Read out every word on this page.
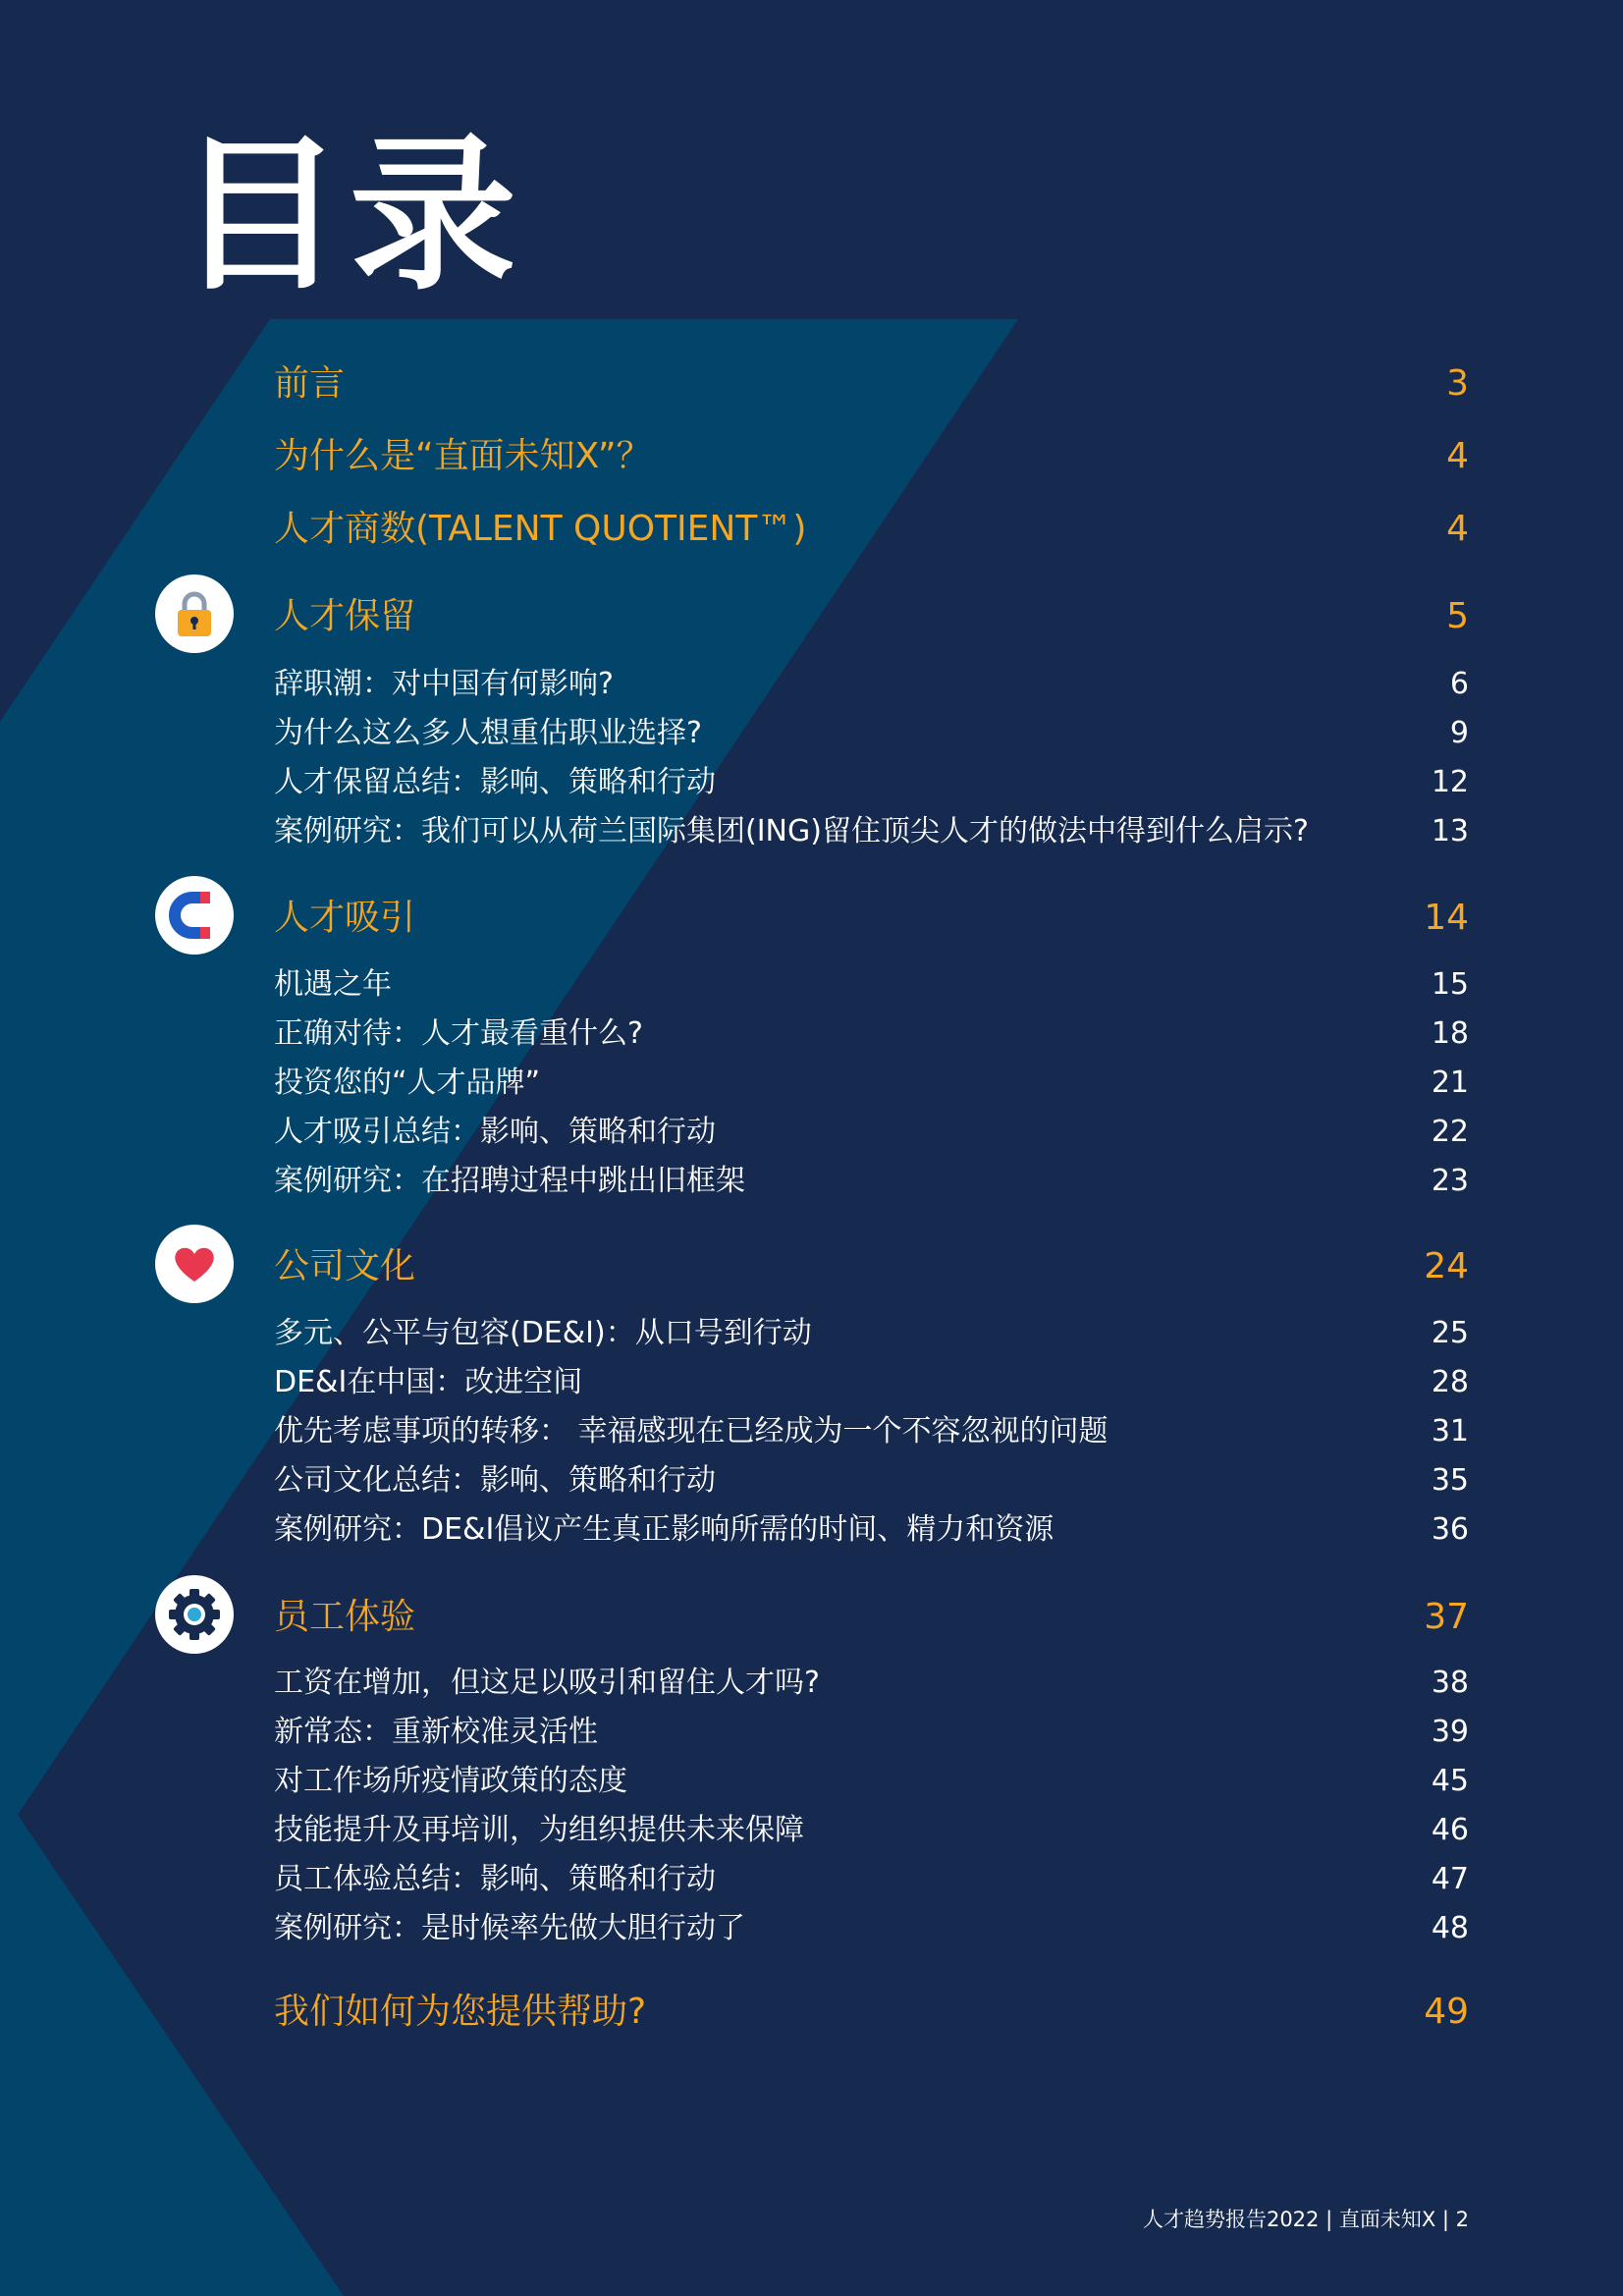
目录
前言	3
为什么是“直面未知X”？	4
人才商数(TALENT QUOTIENT™)	4
人才保留	5
辞职潮：对中国有何影响?	6
为什么这么多人想重估职业选择?	9
人才保留总结：影响、策略和行动	12
案例研究：我们可以从荷兰国际集团(ING)留住顶尖人才的做法中得到什么启示?	13
人才吸引	14
机遇之年	15
正确对待：人才最看重什么?	18
投资您的“人才品牌”	21
人才吸引总结：影响、策略和行动	22
案例研究：在招聘过程中跳出旧框架	23
公司文化	24
多元、公平与包容(DE&I)：从口号到行动	25
DE&I在中国：改进空间	28
优先考虑事项的转移： 幸福感现在已经成为一个不容忽视的问题	31
公司文化总结：影响、策略和行动	35
案例研究：DE&I倡议产生真正影响所需的时间、精力和资源	36
员工体验	37
工资在增加，但这足以吸引和留住人才吗?	38
新常态：重新校准灵活性	39
对工作场所疫情政策的态度	45
技能提升及再培训，为组织提供未来保障	46
员工体验总结：影响、策略和行动	47
案例研究：是时候率先做大胆行动了	48
我们如何为您提供帮助?	49
人才趋势报告2022 | 直面未知X | 2
